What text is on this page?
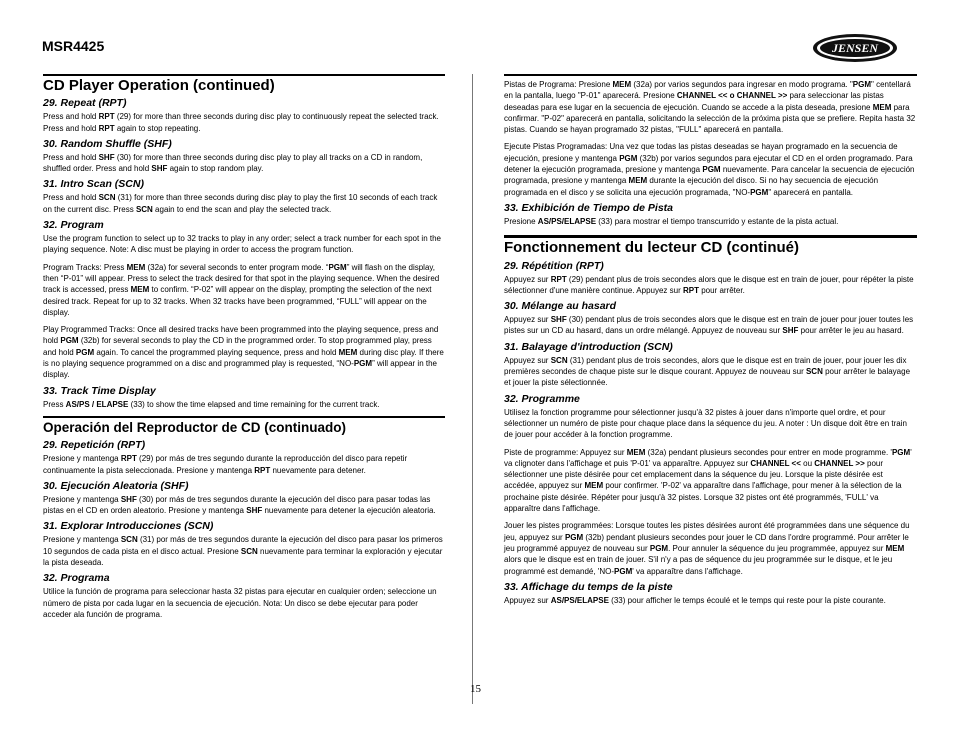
MSR4425	JENSEN
CD Player Operation (continued)
29. Repeat (RPT)
Press and hold RPT (29) for more than three seconds during disc play to continuously repeat the selected track. Press and hold RPT again to stop repeating.
30. Random Shuffle (SHF)
Press and hold SHF (30) for more than three seconds during disc play to play all tracks on a CD in random, shuffled order. Press and hold SHF again to stop random play.
31. Intro Scan (SCN)
Press and hold SCN (31) for more than three seconds during disc play to play the first 10 seconds of each track on the current disc. Press SCN again to end the scan and play the selected track.
32. Program
Use the program function to select up to 32 tracks to play in any order; select a track number for each spot in the playing sequence. Note: A disc must be playing in order to access the program function.
Program Tracks: Press MEM (32a) for several seconds to enter program mode. “PGM” will flash on the display, then “P-01” will appear. Press to select the track desired for that spot in the playing sequence. When the desired track is accessed, press MEM to confirm. “P-02” will appear on the display, prompting the selection of the next desired track. Repeat for up to 32 tracks. When 32 tracks have been programmed, “FULL” will appear on the display.
Play Programmed Tracks: Once all desired tracks have been programmed into the playing sequence, press and hold PGM (32b) for several seconds to play the CD in the programmed order. To stop programmed play, press and hold PGM again. To cancel the programmed playing sequence, press and hold MEM during disc play. If there is no playing sequence programmed on a disc and programmed play is requested, “NO-PGM” will appear in the display.
33. Track Time Display
Press AS/PS / ELAPSE (33) to show the time elapsed and time remaining for the current track.
Operación del Reproductor de CD (continuado)
29. Repetición (RPT)
Presione y mantenga RPT (29) por más de tres segundo durante la reproducción del disco para repetir continuamente la pista seleccionada. Presione y mantenga RPT nuevamente para detener.
30. Ejecución Aleatoria (SHF)
Presione y mantenga SHF (30) por más de tres segundos durante la ejecución del disco para pasar todas las pistas en el CD en orden aleatorio. Presione y mantenga SHF nuevamente para detener la ejecución aleatoria.
31. Explorar Introducciones (SCN)
Presione y mantenga SCN (31) por más de tres segundos durante la ejecución del disco para pasar los primeros 10 segundos de cada pista en el disco actual. Presione SCN nuevamente para terminar la exploración y ejecutar la pista deseada.
32. Programa
Utilice la función de programa para seleccionar hasta 32 pistas para ejecutar en cualquier orden; seleccione un número de pista por cada lugar en la secuencia de ejecución. Nota: Un disco se debe ejecutar para poder acceder ala función de programa.
Pistas de Programa: Presione MEM (32a) por varios segundos para ingresar en modo programa. "PGM" centellará en la pantalla, luego "P-01" aparecerá. Presione CHANNEL << o CHANNEL >> para seleccionar las pistas deseadas para ese lugar en la secuencia de ejecución. Cuando se accede a la pista deseada, presione MEM para confirmar. "P-02" aparecerá en pantalla, solicitando la selección de la próxima pista que se prefiere. Repita hasta 32 pistas. Cuando se hayan programado 32 pistas, "FULL" aparecerá en pantalla.
Ejecute Pistas Programadas: Una vez que todas las pistas deseadas se hayan programado en la secuencia de ejecución, presione y mantenga PGM (32b) por varios segundos para ejecutar el CD en el orden programado. Para detener la ejecución programada, presione y mantenga PGM nuevamente. Para cancelar la secuencia de ejecución programada, presione y mantenga MEM durante la ejecución del disco. Si no hay secuencia de ejecución programada en el disco y se solicita una ejecución programada, "NO-PGM" aparecerá en pantalla.
33. Exhibición de Tiempo de Pista
Presione AS/PS/ELAPSE (33) para mostrar el tiempo transcurrido y estante de la pista actual.
Fonctionnement du lecteur CD (continué)
29. Répétition (RPT)
Appuyez sur RPT (29) pendant plus de trois secondes alors que le disque est en train de jouer, pour répéter la piste sélectionner d'une manière continue. Appuyez sur RPT pour arrêter.
30. Mélange au hasard
Appuyez sur SHF (30) pendant plus de trois secondes alors que le disque est en train de jouer pour jouer toutes les pistes sur un CD au hasard, dans un ordre mélangé. Appuyez de nouveau sur SHF pour arrêter le jeu au hasard.
31. Balayage d'introduction (SCN)
Appuyez sur SCN (31) pendant plus de trois secondes, alors que le disque est en train de jouer, pour jouer les dix premières secondes de chaque piste sur le disque courant. Appuyez de nouveau sur SCN pour arrêter le balayage et jouer la piste sélectionnée.
32. Programme
Utilisez la fonction programme pour sélectionner jusqu'à 32 pistes à jouer dans n'importe quel ordre, et pour sélectionner un numéro de piste pour chaque place dans la séquence du jeu. A noter : Un disque doit être en train de jouer pour accéder à la fonction programme.
Piste de programme: Appuyez sur MEM (32a) pendant plusieurs secondes pour entrer en mode programme. 'PGM' va clignoter dans l'affichage et puis 'P-01' va apparaître. Appuyez sur CHANNEL << ou CHANNEL >> pour sélectionner une piste désirée pour cet emplacement dans la séquence du jeu. Lorsque la piste désirée est accédée, appuyez sur MEM pour confirmer. 'P-02' va apparaître dans l'affichage, pour mener à la sélection de la prochaine piste désirée. Répéter pour jusqu'à 32 pistes. Lorsque 32 pistes ont été programmés, 'FULL' va apparaître dans l'affichage.
Jouer les pistes programmées: Lorsque toutes les pistes désirées auront été programmées dans une séquence du jeu, appuyez sur PGM (32b) pendant plusieurs secondes pour jouer le CD dans l'ordre programmé. Pour arrêter le jeu programmé appuyez de nouveau sur PGM. Pour annuler la séquence du jeu programmée, appuyez sur MEM alors que le disque est en train de jouer. S'il n'y a pas de séquence du jeu programmée sur le disque, et le jeu programmé est demandé, 'NO-PGM' va apparaître dans l'affichage.
33. Affichage du temps de la piste
Appuyez sur AS/PS/ELAPSE (33) pour afficher le temps écoulé et le temps qui reste pour la piste courante.
15
